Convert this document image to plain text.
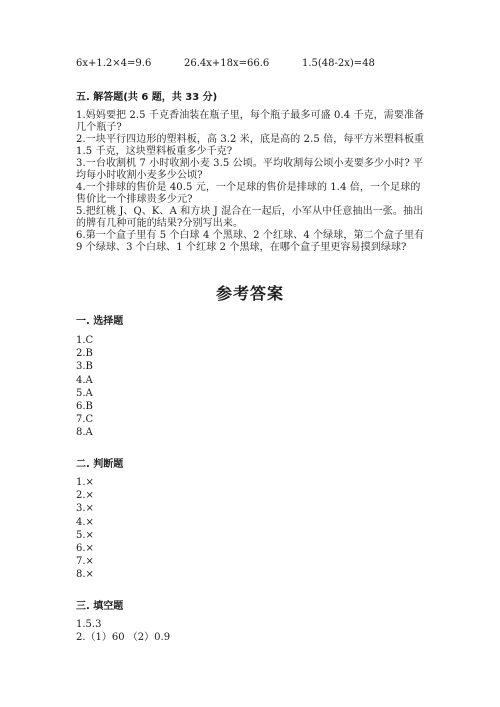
6x+1.2×4=9.6	26.4x+18x=66.6	1.5(48-2x)=48
五. 解答题(共 6 题，共 33 分)

1.妈妈要把 2.5 千克香油装在瓶子里，每个瓶子最多可盛 0.4 千克，需要准备几个瓶子?

2.一块平行四边形的塑料板，高 3.2 米，底是高的 2.5 倍，每平方米塑料板重 1.5 千克，这块塑料板重多少千克?

3.一台收割机 7 小时收割小麦 3.5 公顷。平均收割每公顷小麦要多少小时? 平均每小时收割小麦多少公顷?

4.一个排球的售价是 40.5 元，一个足球的售价是排球的 1.4 倍，一个足球的售价比一个排球贵多少元?

5.把红桃 J、Q、K、A 和方块 J 混合在一起后，小军从中任意抽出一张。抽出的牌有几种可能的结果?分别写出来。

6.第一个盒子里有 5 个白球 4 个黑球、2 个红球、4 个绿球，第二个盒子里有 9 个绿球、3 个白球、1 个红球 2 个黑球，在哪个盒子里更容易摸到绿球?

参考答案
一. 选择题
1.C
2.B
3.B
4.A
5.A
6.B
7.C
8.A
二. 判断题
1.×
2.×
3.×
4.×
5.×
6.×
7.×
8.×
三. 填空题
1.5.3
2.（1）60 （2）0.9
